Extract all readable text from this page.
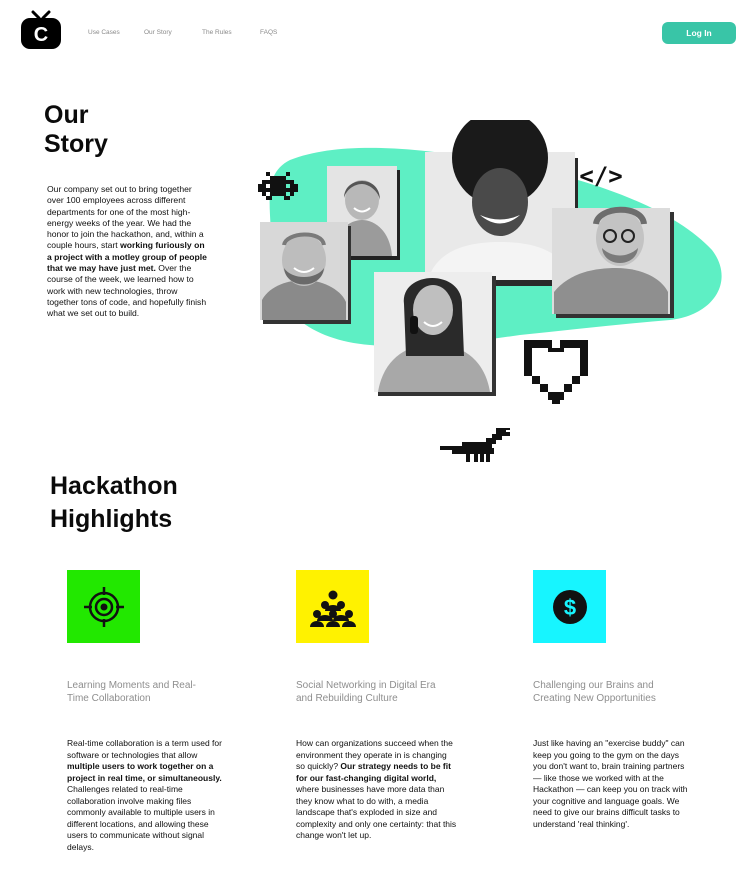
C	Use Cases	Our Story	The Rules	FAQS	Log In
Our
Story

Our company set out to bring together over 100 employees across different departments for one of the most high-energy weeks of the year. We had the honor to join the hackathon, and, within a couple hours, start working furiously on a project with a motley group of people that we may have just met. Over the course of the week, we learned how to work with new technologies, throw together tons of code, and hopefully finish what we set out to build.

</>
Hackathon
Highlights
Learning Moments and Real-Time Collaboration

Real-time collaboration is a term used for software or technologies that allow multiple users to work together on a project in real time, or simultaneously. Challenges related to real-time collaboration involve making files commonly available to multiple users in different locations, and allowing these users to communicate without signal delays.

Social Networking in Digital Era and Rebuilding Culture

How can organizations succeed when the environment they operate in is changing so quickly? Our strategy needs to be fit for our fast-changing digital world, where businesses have more data than they know what to do with, a media landscape that's exploded in size and complexity and only one certainty: that this change won't let up.

$
Challenging our Brains and Creating New Opportunities

Just like having an "exercise buddy" can keep you going to the gym on the days you don't want to, brain training partners — like those we worked with at the Hackathon — can keep you on track with your cognitive and language goals. We need to give our brains difficult tasks to understand 'real thinking'.
